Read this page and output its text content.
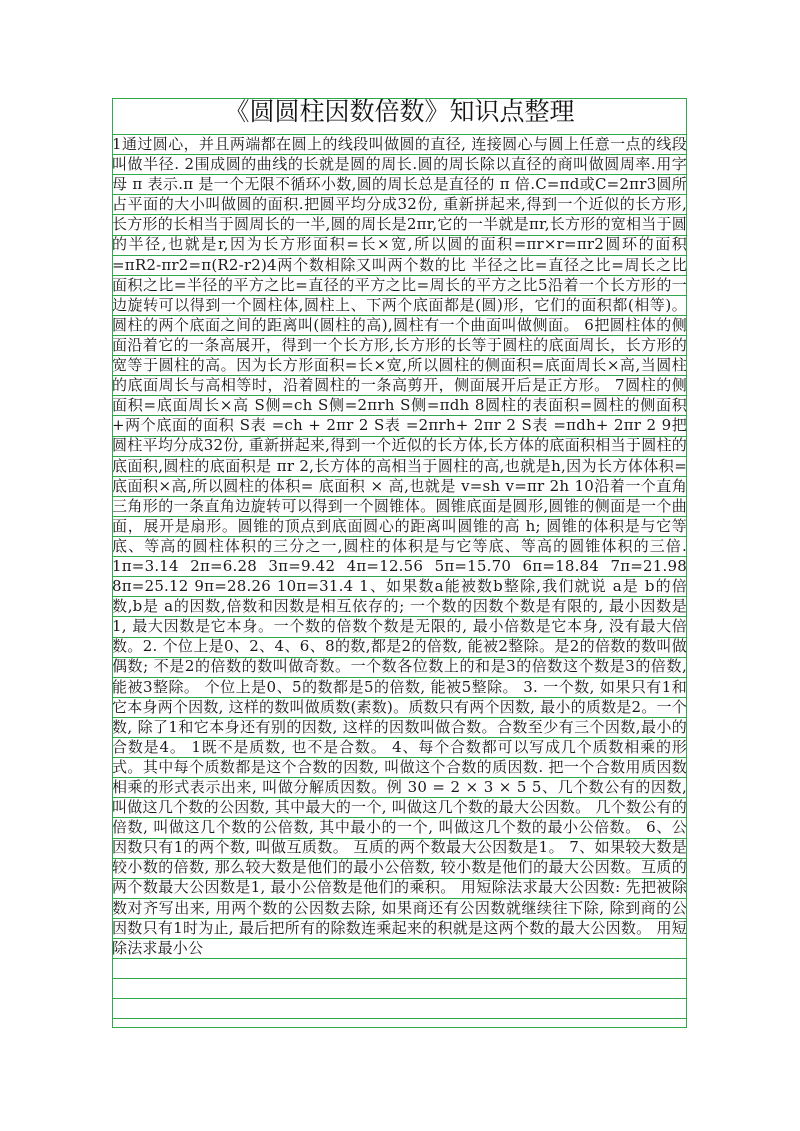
《圆圆柱因数倍数》知识点整理

1通过圆心，并且两端都在圆上的线段叫做圆的直径, 连接圆心与圆上任意一点的线段叫做半径. 2围成圆的曲线的长就是圆的周长.圆的周长除以直径的商叫做圆周率.用字母 π 表示.π 是一个无限不循环小数,圆的周长总是直径的 π 倍.C=πd或C=2πr3圆所占平面的大小叫做圆的面积.把圆平均分成32份, 重新拼起来,得到一个近似的长方形,长方形的长相当于圆周长的一半,圆的周长是2πr,它的一半就是πr,长方形的宽相当于圆的半径,也就是r,因为长方形面积=长×宽,所以圆的面积=πr×r=πr2圆环的面积=πR2-πr2=π(R2-r2)4两个数相除又叫两个数的比 半径之比=直径之比=周长之比 面积之比=半径的平方之比=直径的平方之比=周长的平方之比5沿着一个长方形的一边旋转可以得到一个圆柱体,圆柱上、下两个底面都是(圆)形，它们的面积都(相等)。圆柱的两个底面之间的距离叫(圆柱的高),圆柱有一个曲面叫做侧面。 6把圆柱体的侧面沿着它的一条高展开，得到一个长方形,长方形的长等于圆柱的底面周长，长方形的宽等于圆柱的高。因为长方形面积=长×宽,所以圆柱的侧面积=底面周长×高,当圆柱的底面周长与高相等时，沿着圆柱的一条高剪开，侧面展开后是正方形。 7圆柱的侧面积=底面周长×高 S侧=ch S侧=2πrh S侧=πdh 8圆柱的表面积=圆柱的侧面积+两个底面的面积 S表 =ch + 2πr 2 S表 =2πrh+ 2πr 2 S表 =πdh+ 2πr 2 9把圆柱平均分成32份, 重新拼起来,得到一个近似的长方体,长方体的底面积相当于圆柱的底面积,圆柱的底面积是 πr 2,长方体的高相当于圆柱的高,也就是h,因为长方体体积=底面积×高,所以圆柱的体积= 底面积 × 高,也就是 v=sh v=πr 2h 10沿着一个直角三角形的一条直角边旋转可以得到一个圆锥体。圆锥底面是圆形,圆锥的侧面是一个曲面，展开是扇形。圆锥的顶点到底面圆心的距离叫圆锥的高 h; 圆锥的体积是与它等底、等高的圆柱体积的三分之一,圆柱的体积是与它等底、等高的圆锥体积的三倍. 1π=3.14 2π=6.28 3π=9.42 4π=12.56 5π=15.70 6π=18.84 7π=21.98 8π=25.12 9π=28.26 10π=31.4 1、如果数a能被数b整除,我们就说 a是 b的倍数,b是 a的因数,倍数和因数是相互依存的; 一个数的因数个数是有限的, 最小因数是 1, 最大因数是它本身。一个数的倍数个数是无限的, 最小倍数是它本身, 没有最大倍数。2. 个位上是0、2、4、6、8的数,都是2的倍数, 能被2整除。是2的倍数的数叫做偶数; 不是2的倍数的数叫做奇数。一个数各位数上的和是3的倍数这个数是3的倍数, 能被3整除。 个位上是0、5的数都是5的倍数, 能被5整除。 3. 一个数, 如果只有1和它本身两个因数, 这样的数叫做质数(素数)。质数只有两个因数, 最小的质数是2。一个数, 除了1和它本身还有别的因数, 这样的因数叫做合数。合数至少有三个因数,最小的合数是4。 1既不是质数, 也不是合数。 4、每个合数都可以写成几个质数相乘的形式。其中每个质数都是这个合数的因数, 叫做这个合数的质因数. 把一个合数用质因数相乘的形式表示出来, 叫做分解质因数。例 30 = 2 × 3 × 5 5、几个数公有的因数, 叫做这几个数的公因数, 其中最大的一个, 叫做这几个数的最大公因数。 几个数公有的倍数, 叫做这几个数的公倍数, 其中最小的一个, 叫做这几个数的最小公倍数。 6、公因数只有1的两个数, 叫做互质数。 互质的两个数最大公因数是1。 7、如果较大数是较小数的倍数, 那么较大数是他们的最小公倍数, 较小数是他们的最大公因数。互质的两个数最大公因数是1, 最小公倍数是他们的乘积。 用短除法求最大公因数: 先把被除数对齐写出来, 用两个数的公因数去除, 如果商还有公因数就继续往下除, 除到商的公因数只有1时为止, 最后把所有的除数连乘起来的积就是这两个数的最大公因数。 用短除法求最小公
